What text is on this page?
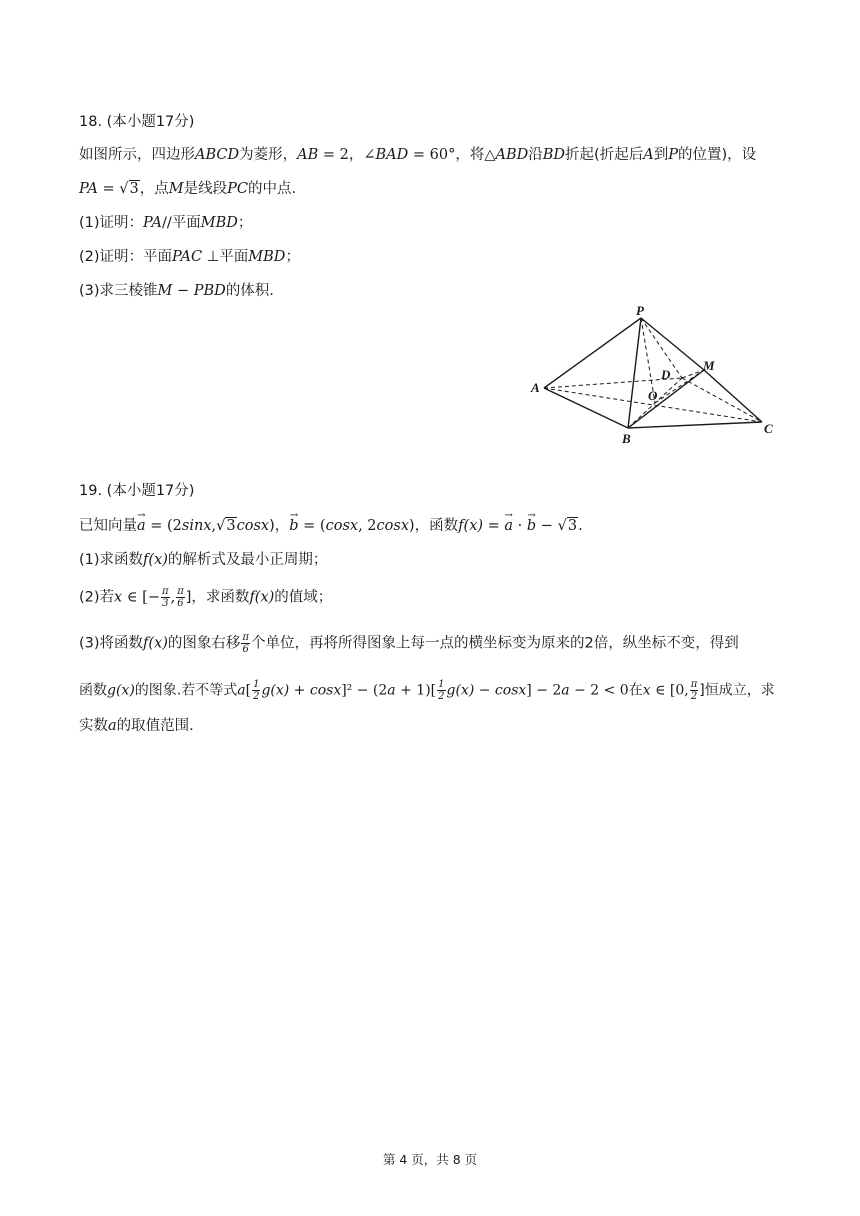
18. (本小题17分)
如图所示，四边形ABCD为菱形，AB = 2，∠BAD = 60°，将△ABD沿BD折起(折起后A到P的位置)，设
PA = √3，点M是线段PC的中点.
(1)证明：PA//平面MBD；
(2)证明：平面PAC ⊥平面MBD；
(3)求三棱锥M − PBD的体积.
P
M
D
O
A
B
C
19. (本小题17分)
已知向量→ a = (2sinx,√3cosx)，→ b = (cosx, 2cosx)，函数f(x) = → a · → b − √3.
(1)求函数f(x)的解析式及最小正周期；
(2)若x ∈ [− $\frac{\pi}{3}$ , $\frac{\pi}{6}$ ]，求函数f(x)的值域；
(3)将函数f(x)的图象右移 $\frac{\pi}{6}$ 个单位，再将所得图象上每一点的横坐标变为原来的2倍，纵坐标不变，得到
函数g(x)的图象.若不等式$a[ \frac{1}{2} g(x) + \cos x]^2 - (2a + 1)[ \frac{1}{2} g(x) - \cos x] - 2a - 2 < 0$在x ∈ [0, $\frac{\pi}{2}$ ]恒成立，求
实数a的取值范围.
第 4 页，共 8 页
